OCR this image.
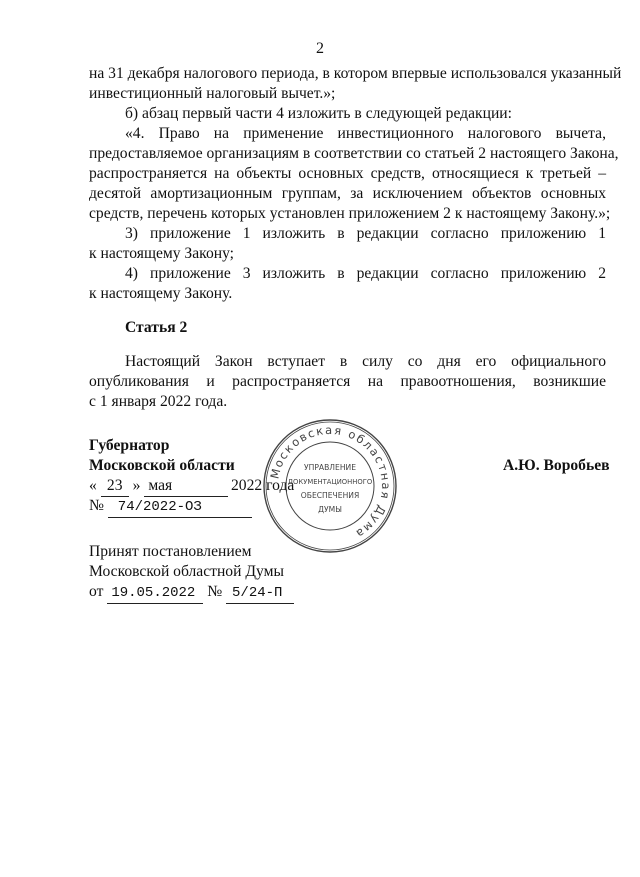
2
на 31 декабря налогового периода, в котором впервые использовался указанный
инвестиционный налоговый вычет.»;
б) абзац первый части 4 изложить в следующей редакции:
«4. Право на применение инвестиционного налогового вычета,
предоставляемое организациям в соответствии со статьей 2 настоящего Закона,
распространяется на объекты основных средств, относящиеся к третьей –
десятой амортизационным группам, за исключением объектов основных
средств, перечень которых установлен приложением 2 к настоящему Закону.»;
3) приложение 1 изложить в редакции согласно приложению 1
к настоящему Закону;
4) приложение 3 изложить в редакции согласно приложению 2
к настоящему Закону.
Статья 2
Настоящий Закон вступает в силу со дня его официального
опубликования и распространяется на правоотношения, возникшие
с 1 января 2022 года.
Губернатор
Московской области	А.Ю. Воробьев
« 23 » мая	2022 года
№ 74/2022-ОЗ
Принят постановлением
Московской областной Думы
от 19.05.2022 № 5/24-П
Московская областная Дума
УПРАВЛЕНИЕ
ДОКУМЕНТАЦИОННОГО
ОБЕСПЕЧЕНИЯ
ДУМЫ
